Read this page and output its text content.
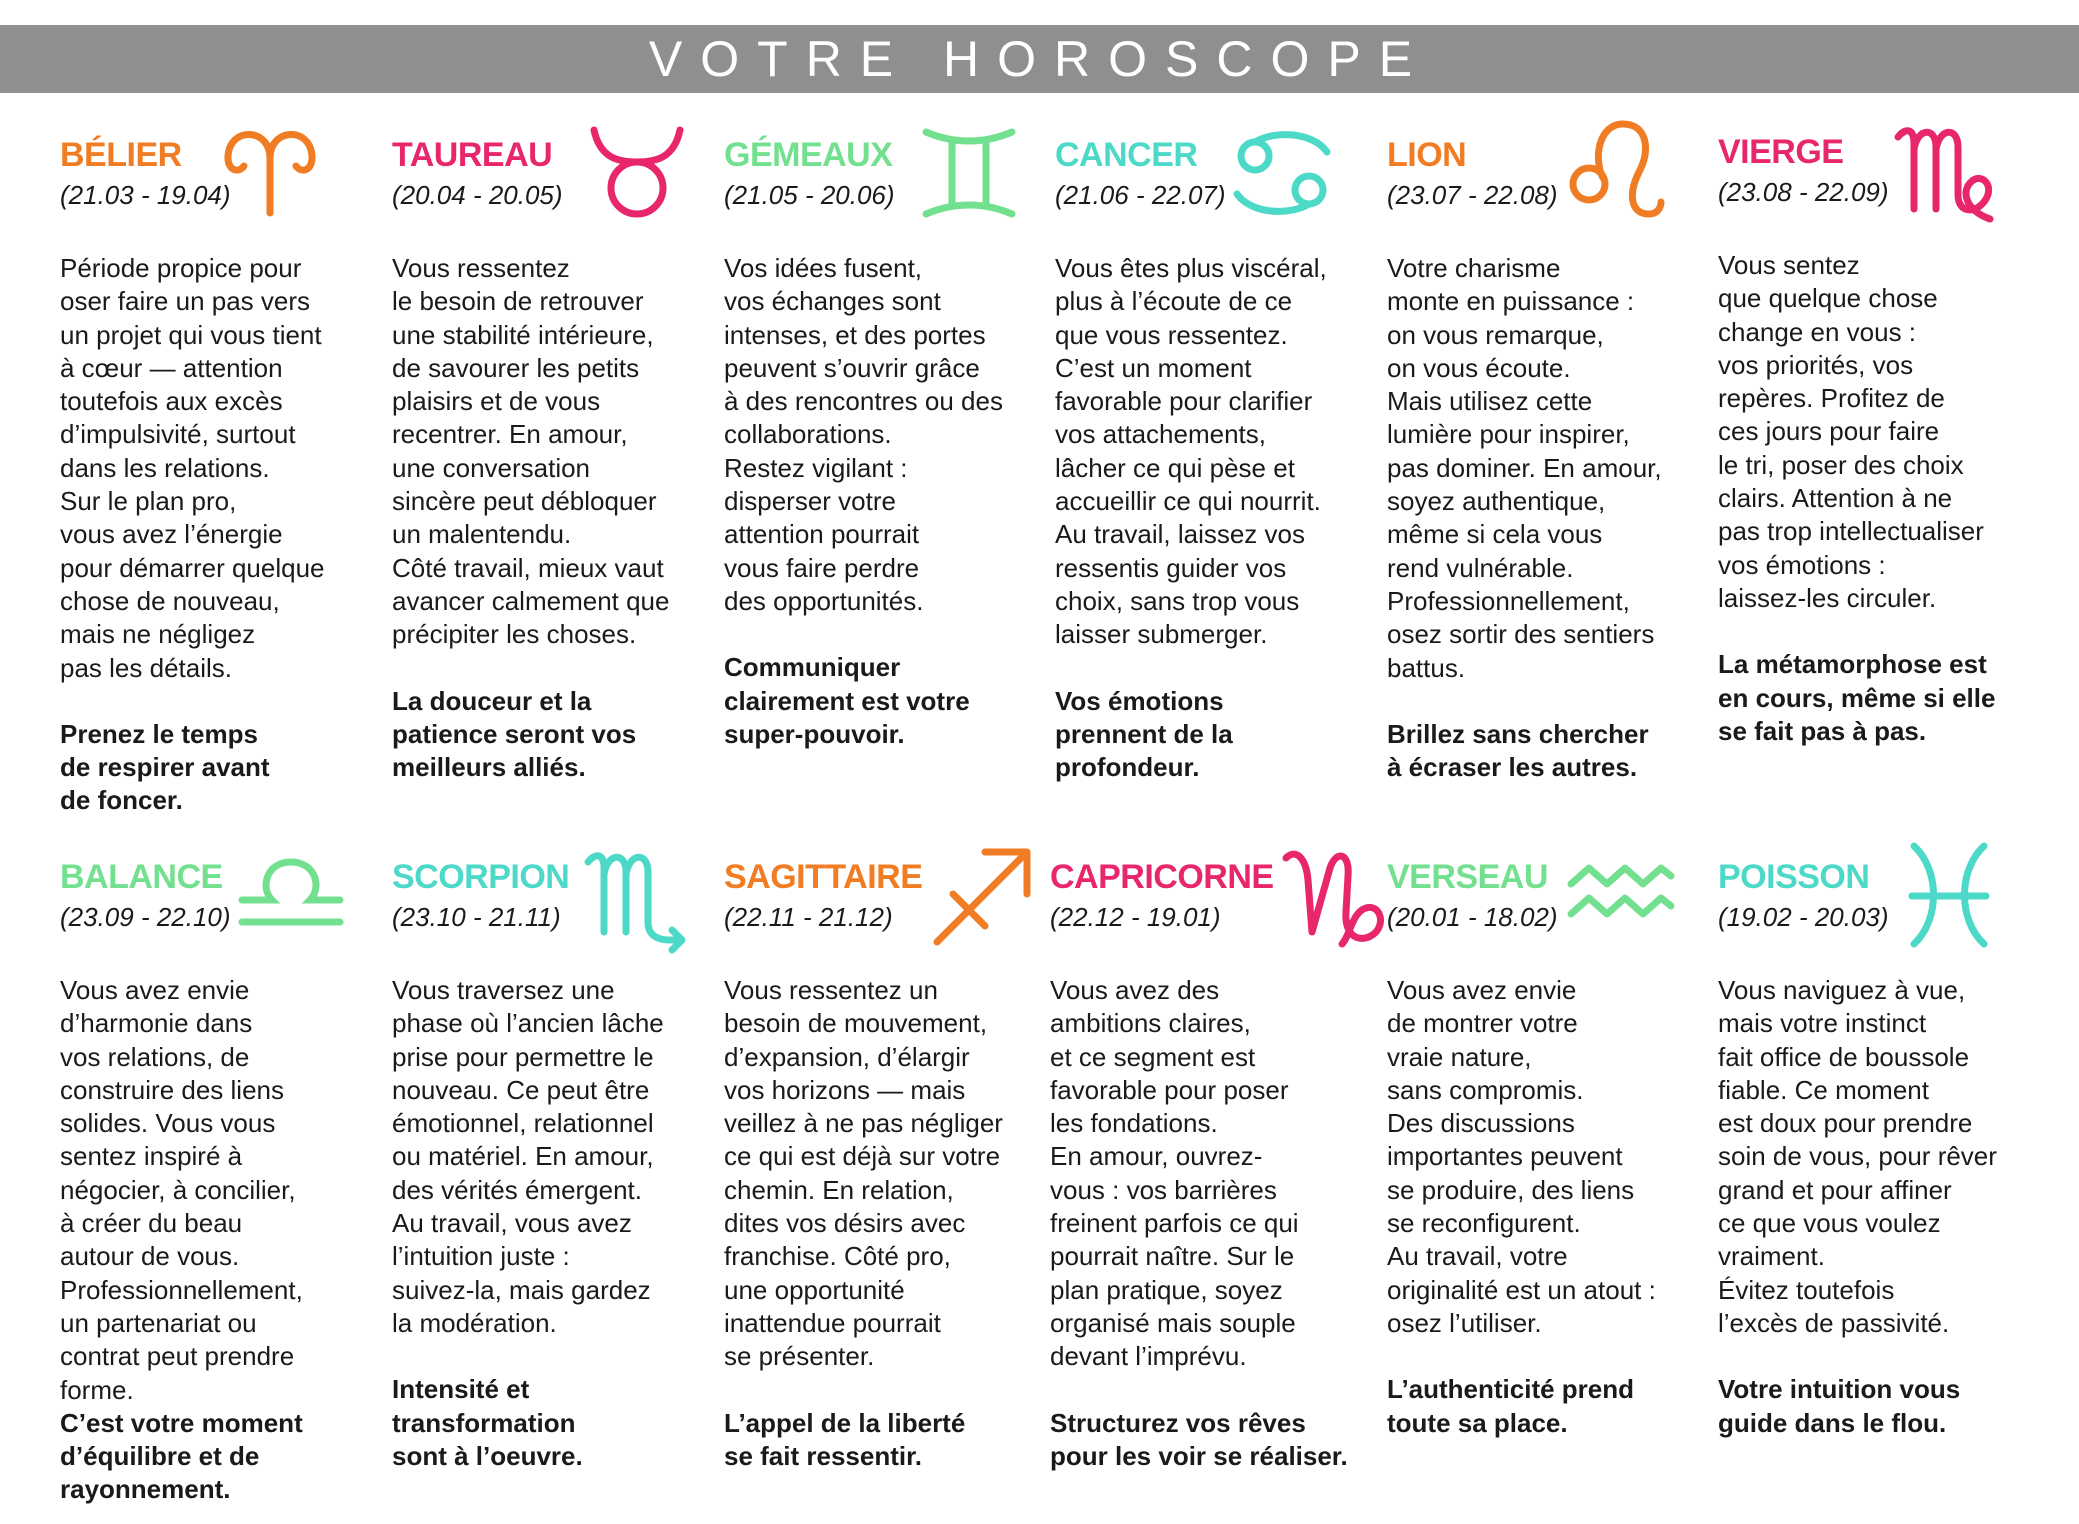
VOTRE HOROSCOPE
BÉLIER
(21.03 - 19.04)
Période propice pour
oser faire un pas vers
un projet qui vous tient
à cœur — attention
toutefois aux excès
d’impulsivité, surtout
dans les relations.
Sur le plan pro,
vous avez l’énergie
pour démarrer quelque
chose de nouveau,
mais ne négligez
pas les détails.
Prenez le temps
de respirer avant
de foncer.
TAUREAU
(20.04 - 20.05)
Vous ressentez
le besoin de retrouver
une stabilité intérieure,
de savourer les petits
plaisirs et de vous
recentrer. En amour,
une conversation
sincère peut débloquer
un malentendu.
Côté travail, mieux vaut
avancer calmement que
précipiter les choses.
La douceur et la
patience seront vos
meilleurs alliés.
GÉMEAUX
(21.05 - 20.06)
Vos idées fusent,
vos échanges sont
intenses, et des portes
peuvent s’ouvrir grâce
à des rencontres ou des
collaborations.
Restez vigilant :
disperser votre
attention pourrait
vous faire perdre
des opportunités.
Communiquer
clairement est votre
super-pouvoir.
CANCER
(21.06 - 22.07)
Vous êtes plus viscéral,
plus à l’écoute de ce
que vous ressentez.
C’est un moment
favorable pour clarifier
vos attachements,
lâcher ce qui pèse et
accueillir ce qui nourrit.
Au travail, laissez vos
ressentis guider vos
choix, sans trop vous
laisser submerger.
Vos émotions
prennent de la
profondeur.
LION
(23.07 - 22.08)
Votre charisme
monte en puissance :
on vous remarque,
on vous écoute.
Mais utilisez cette
lumière pour inspirer,
pas dominer. En amour,
soyez authentique,
même si cela vous
rend vulnérable.
Professionnellement,
osez sortir des sentiers
battus.
Brillez sans chercher
à écraser les autres.
VIERGE
(23.08 - 22.09)
Vous sentez
que quelque chose
change en vous :
vos priorités, vos
repères. Profitez de
ces jours pour faire
le tri, poser des choix
clairs. Attention à ne
pas trop intellectualiser
vos émotions :
laissez-les circuler.
La métamorphose est
en cours, même si elle
se fait pas à pas.
BALANCE
(23.09 - 22.10)
Vous avez envie
d’harmonie dans
vos relations, de
construire des liens
solides. Vous vous
sentez inspiré à
négocier, à concilier,
à créer du beau
autour de vous.
Professionnellement,
un partenariat ou
contrat peut prendre
forme.
C’est votre moment
d’équilibre et de
rayonnement.
SCORPION
(23.10 - 21.11)
Vous traversez une
phase où l’ancien lâche
prise pour permettre le
nouveau. Ce peut être
émotionnel, relationnel
ou matériel. En amour,
des vérités émergent.
Au travail, vous avez
l’intuition juste :
suivez-la, mais gardez
la modération.
Intensité et
transformation
sont à l’oeuvre.
SAGITTAIRE
(22.11 - 21.12)
Vous ressentez un
besoin de mouvement,
d’expansion, d’élargir
vos horizons — mais
veillez à ne pas négliger
ce qui est déjà sur votre
chemin. En relation,
dites vos désirs avec
franchise. Côté pro,
une opportunité
inattendue pourrait
se présenter.
L’appel de la liberté
se fait ressentir.
CAPRICORNE
(22.12 - 19.01)
Vous avez des
ambitions claires,
et ce segment est
favorable pour poser
les fondations.
En amour, ouvrez-
vous : vos barrières
freinent parfois ce qui
pourrait naître. Sur le
plan pratique, soyez
organisé mais souple
devant l’imprévu.
Structurez vos rêves
pour les voir se réaliser.
VERSEAU
(20.01 - 18.02)
Vous avez envie
de montrer votre
vraie nature,
sans compromis.
Des discussions
importantes peuvent
se produire, des liens
se reconfigurent.
Au travail, votre
originalité est un atout :
osez l’utiliser.
L’authenticité prend
toute sa place.
POISSON
(19.02 - 20.03)
Vous naviguez à vue,
mais votre instinct
fait office de boussole
fiable. Ce moment
est doux pour prendre
soin de vous, pour rêver
grand et pour affiner
ce que vous voulez
vraiment.
Évitez toutefois
l’excès de passivité.
Votre intuition vous
guide dans le flou.
